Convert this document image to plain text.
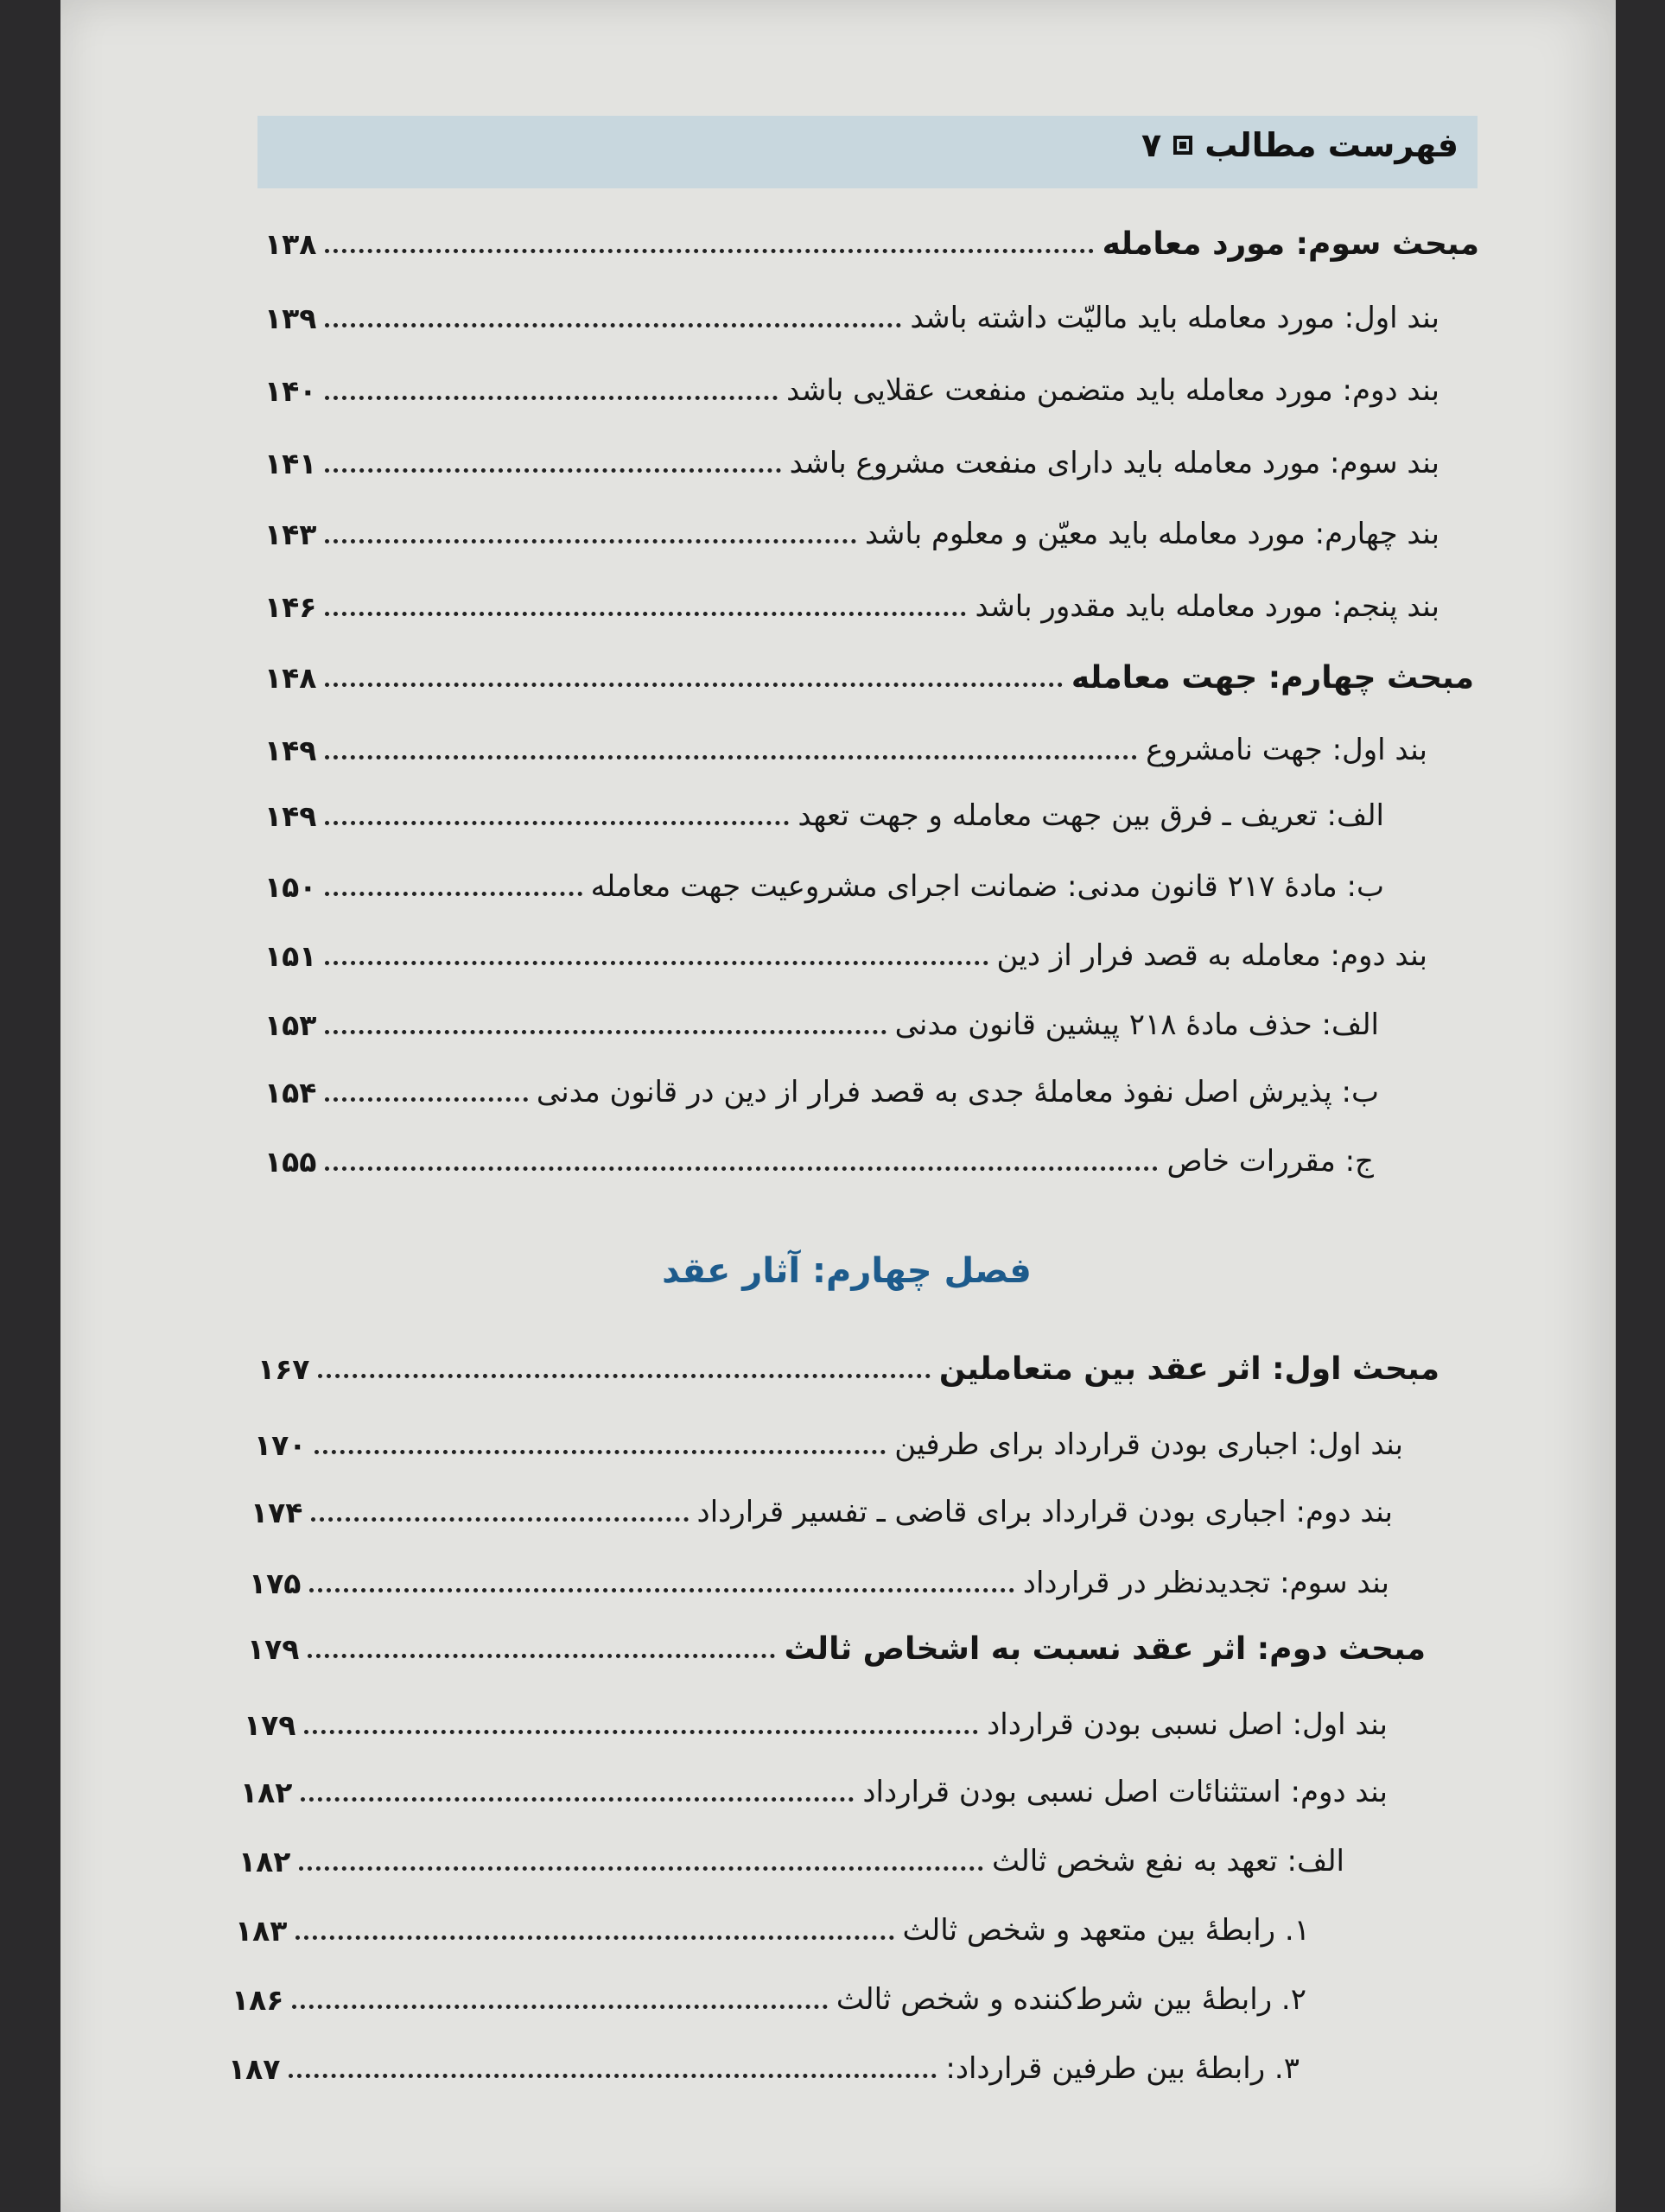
فهرست مطالب
۷
مبحث سوم: مورد معامله
۱۳۸
بند اول: مورد معامله باید مالیّت داشته باشد
۱۳۹
بند دوم: مورد معامله باید متضمن منفعت عقلایی باشد
۱۴۰
بند سوم: مورد معامله باید دارای منفعت مشروع باشد
۱۴۱
بند چهارم: مورد معامله باید معیّن و معلوم باشد
۱۴۳
بند پنجم: مورد معامله باید مقدور باشد
۱۴۶
مبحث چهارم: جهت معامله
۱۴۸
بند اول: جهت نامشروع
۱۴۹
الف: تعریف ـ فرق بین جهت معامله و جهت تعهد
۱۴۹
ب: مادهٔ ۲۱۷ قانون مدنی: ضمانت اجرای مشروعیت جهت معامله
۱۵۰
بند دوم: معامله به قصد فرار از دین
۱۵۱
الف: حذف مادهٔ ۲۱۸ پیشین قانون مدنی
۱۵۳
ب: پذیرش اصل نفوذ معاملهٔ جدی به قصد فرار از دین در قانون مدنی
۱۵۴
ج: مقررات خاص
۱۵۵
فصل چهارم: آثار عقد
مبحث اول: اثر عقد بین متعاملین
۱۶۷
بند اول: اجباری بودن قرارداد برای طرفین
۱۷۰
بند دوم: اجباری بودن قرارداد برای قاضی ـ تفسیر قرارداد
۱۷۴
بند سوم: تجدیدنظر در قرارداد
۱۷۵
مبحث دوم: اثر عقد نسبت به اشخاص ثالث
۱۷۹
بند اول: اصل نسبی بودن قرارداد
۱۷۹
بند دوم: استثنائات اصل نسبی بودن قرارداد
۱۸۲
الف: تعهد به نفع شخص ثالث
۱۸۲
۱. رابطهٔ بین متعهد و شخص ثالث
۱۸۳
۲. رابطهٔ بین شرط‌کننده و شخص ثالث
۱۸۶
۳. رابطهٔ بین طرفین قرارداد:
۱۸۷
